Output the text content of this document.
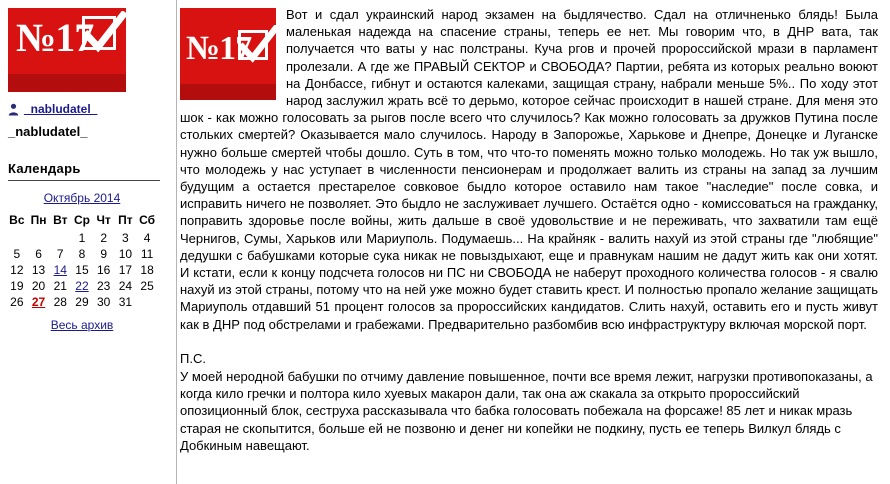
№17
_nabludatel_
_nabludatel_
Календарь
Октябрь 2014
Вс	Пн	Вт	Ср	Чт	Пт	Сб
			1	2	3	4
5	6	7	8	9	10	11
12	13	14	15	16	17	18
19	20	21	22	23	24	25
26	27	28	29	30	31	
Весь архив
№17

Вот и сдал украинский народ экзамен на быдлячество. Сдал на отличненько блядь! Была маленькая надежда на спасение страны, теперь ее нет. Мы говорим что, в ДНР вата, так получается что ваты у нас полстраны. Куча ргов и прочей пророссийской мрази в парламент пролезали. А где же ПРАВЫЙ СЕКТОР и СВОБОДА? Партии, ребята из которых реально воюют на Донбассе, гибнут и остаются калеками, защищая страну, набрали меньше 5%.. По ходу этот народ заслужил жрать всё то дерьмо, которое сейчас происходит в нашей стране. Для меня это шок - как можно голосовать за рыгов после всего что случилось? Как можно голосовать за дружков Путина после стольких смертей? Оказывается мало случилось. Народу в Запорожье, Харькове и Днепре, Донецке и Луганске нужно больше смертей чтобы дошло. Суть в том, что что-то поменять можно только молодежь. Но так уж вышло, что молодежь у нас уступает в численности пенсионерам и продолжает валить из страны на запад за лучшим будущим а остается престарелое совковое быдло которое оставило нам такое "наследие" после совка, и исправить ничего не позволяет. Это быдло не заслуживает лучшего. Остаётся одно - комиссоваться на гражданку, поправить здоровье после войны, жить дальше в своё удовольствие и не переживать, что захватили там ещё Чернигов, Сумы, Харьков или Мариуполь. Подумаешь... На крайняк - валить нахуй из этой страны где "любящие" дедушки с бабушками которые сука никак не повыздыхают, еще и правнукам нашим не дадут жить как они хотят. И кстати, если к концу подсчета голосов ни ПС ни СВОБОДА не наберут проходного количества голосов - я свалю нахуй из этой страны, потому что на ней уже можно будет ставить крест. И полностью пропало желание защищать Мариуполь отдавший 51 процент голосов за пророссийских кандидатов. Слить нахуй, оставить его и пусть живут как в ДНР под обстрелами и грабежами. Предварительно разбомбив всю инфраструктуру включая морской порт.

П.С.
У моей неродной бабушки по отчиму давление повышенное, почти все время лежит, нагрузки противопоказаны, а когда кило гречки и полтора кило хуевых макарон дали, так она аж скакала за открыто пророссийский опозиционный блок, сеструха рассказывала что бабка голосовать побежала на форсаже! 85 лет и никак мразь старая не скопытится, больше ей не позвоню и денег ни копейки не подкину, пусть ее теперь Вилкул блядь с Добкиным навещают.
